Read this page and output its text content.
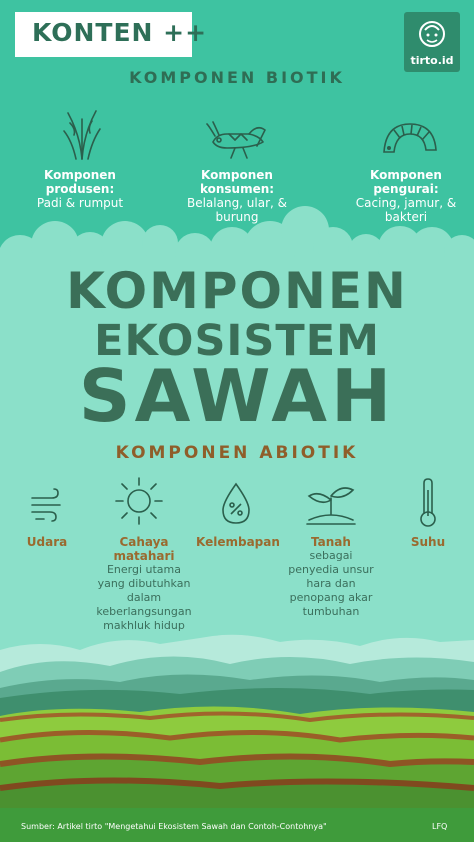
KONTEN ++
tirto.id
KOMPONEN BIOTIK
Komponen
produsen:
Padi & rumput
Komponen
konsumen:
Belalang, ular, &
burung
Komponen
pengurai:
Cacing, jamur, &
bakteri
KOMPONEN
EKOSISTEM
SAWAH
KOMPONEN ABIOTIK
Udara	Cahaya
matahari
Energi utama
yang dibutuhkan
dalam
keberlangsungan
makhluk hidup
Kelembapan	Tanah
sebagai
penyedia unsur
hara dan
penopang akar
tumbuhan
Suhu
Sumber: Artikel tirto "Mengetahui Ekosistem Sawah dan Contoh-Contohnya"	LFQ
